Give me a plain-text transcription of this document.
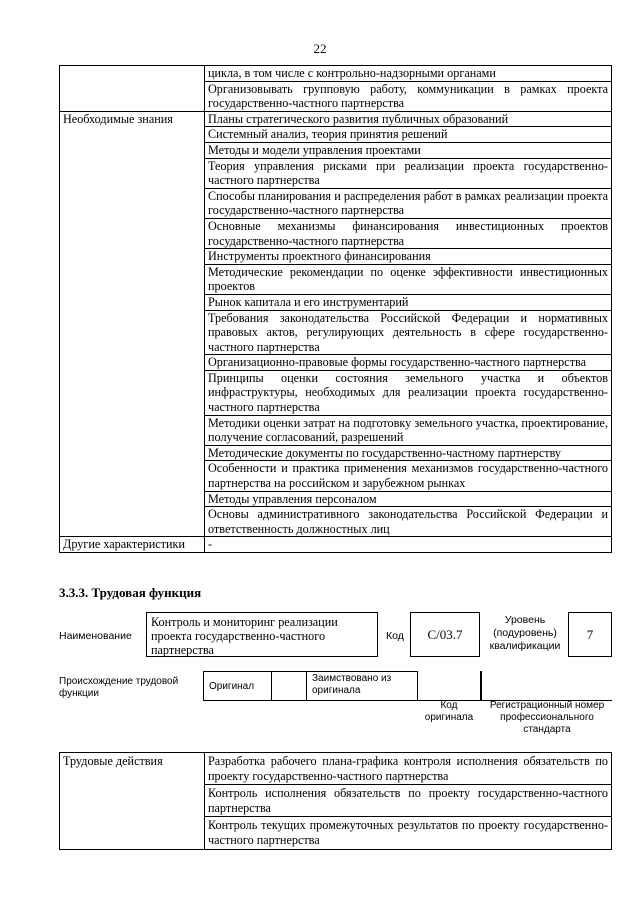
22
	цикла, в том числе с контрольно-надзорными органами
	Организовывать групповую работу, коммуникации в рамках проекта государственно-частного партнерства
Необходимые знания	Планы стратегического развития публичных образований
	Системный анализ, теория принятия решений
	Методы и модели управления проектами
	Теория управления рисками при реализации проекта государственно-частного партнерства
	Способы планирования и распределения работ в рамках реализации проекта государственно-частного партнерства
	Основные механизмы финансирования инвестиционных проектов государственно-частного партнерства
	Инструменты проектного финансирования
	Методические рекомендации по оценке эффективности инвестиционных проектов
	Рынок капитала и его инструментарий
	Требования законодательства Российской Федерации и нормативных правовых актов, регулирующих деятельность в сфере государственно-частного партнерства
	Организационно-правовые формы государственно-частного партнерства
	Принципы оценки состояния земельного участка и объектов инфраструктуры, необходимых для реализации проекта государственно-частного партнерства
	Методики оценки затрат на подготовку земельного участка, проектирование, получение согласований, разрешений
	Методические документы по государственно-частному партнерству
	Особенности и практика применения механизмов государственно-частного партнерства на российском и зарубежном рынках
	Методы управления персоналом
	Основы административного законодательства Российской Федерации и ответственность должностных лиц
Другие характеристики	-
3.3.3. Трудовая функция
Наименование
Контроль и мониторинг реализации проекта государственно-частного партнерства
Код	C/03.7
Уровень (подуровень) квалификации
7
Происхождение трудовой функции
Оригинал
Заимствовано из оригинала
Код оригинала
Регистрационный номер профессионального стандарта
Трудовые действия	Разработка рабочего плана-графика контроля исполнения обязательств по проекту государственно-частного партнерства
Контроль исполнения обязательств по проекту государственно-частного партнерства
Контроль текущих промежуточных результатов по проекту государственно-частного партнерства
